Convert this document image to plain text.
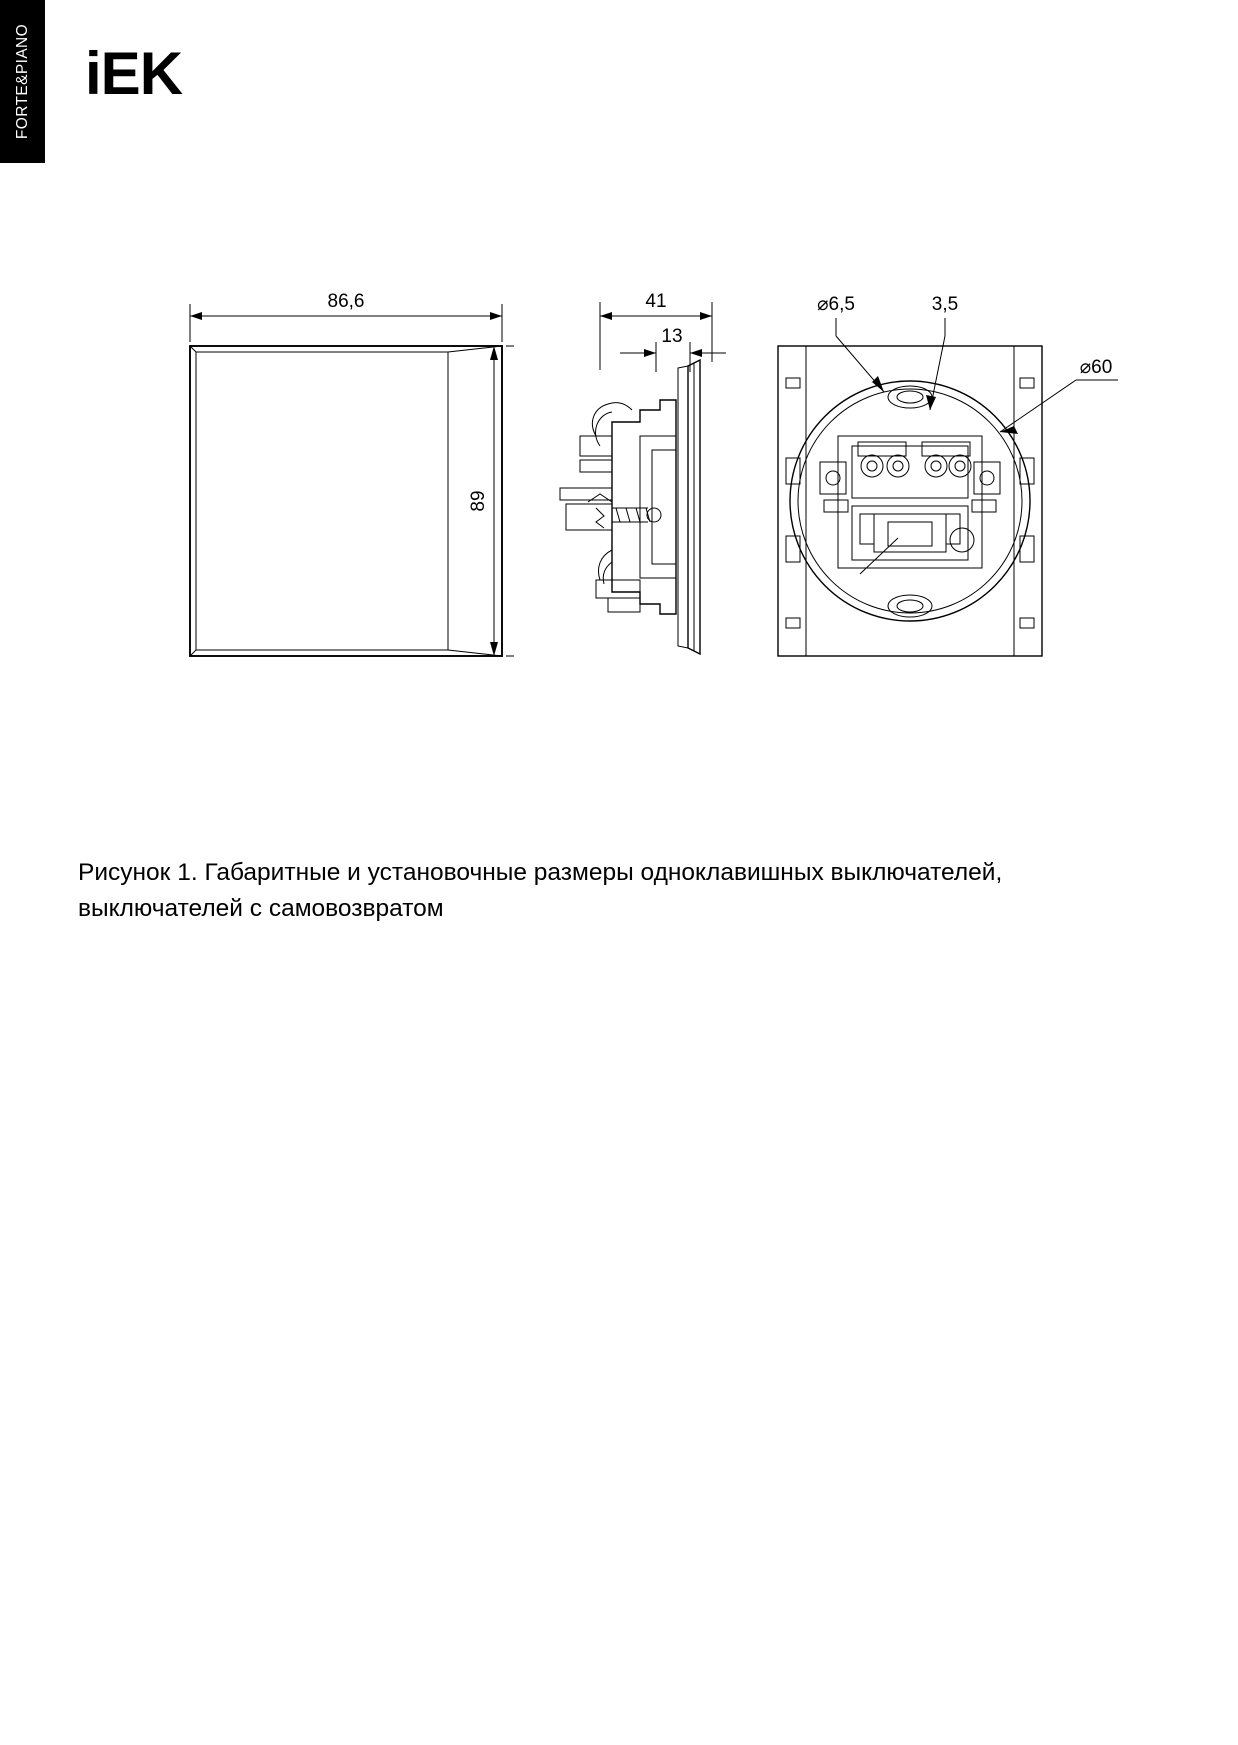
FORTE&PIANO iEK
86,6
89
41
13
⌀6,5	3,5
⌀60
Рисунок 1. Габаритные и установочные размеры одноклавишных выключателей, выключателей с самовозвратом
